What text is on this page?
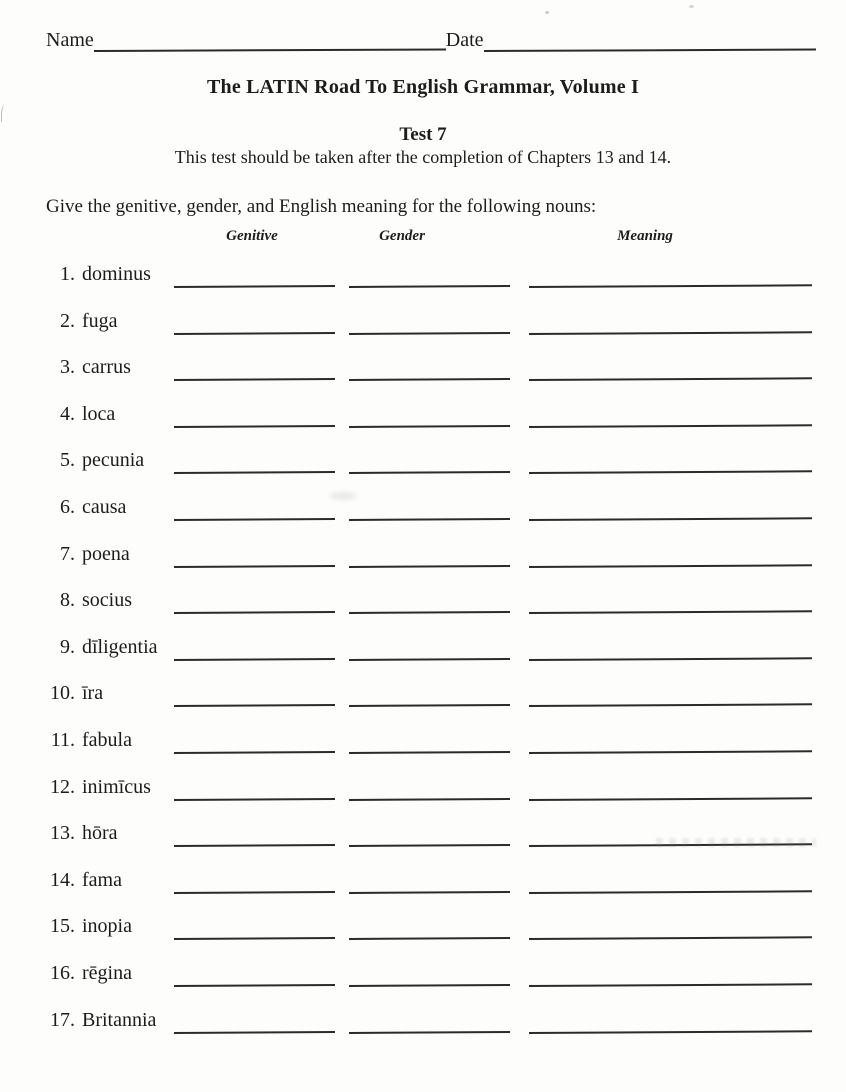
Name	Date
The LATIN Road To English Grammar, Volume I
Test 7
This test should be taken after the completion of Chapters 13 and 14.
Give the genitive, gender, and English meaning for the following nouns:
Genitive	Gender	Meaning
1. dominus
2. fuga
3. carrus
4. loca
5. pecunia
6. causa
7. poena
8. socius
9. dīligentia
10. īra
11. fabula
12. inimīcus
13. hōra
14. fama
15. inopia
16. rēgina
17. Britannia
